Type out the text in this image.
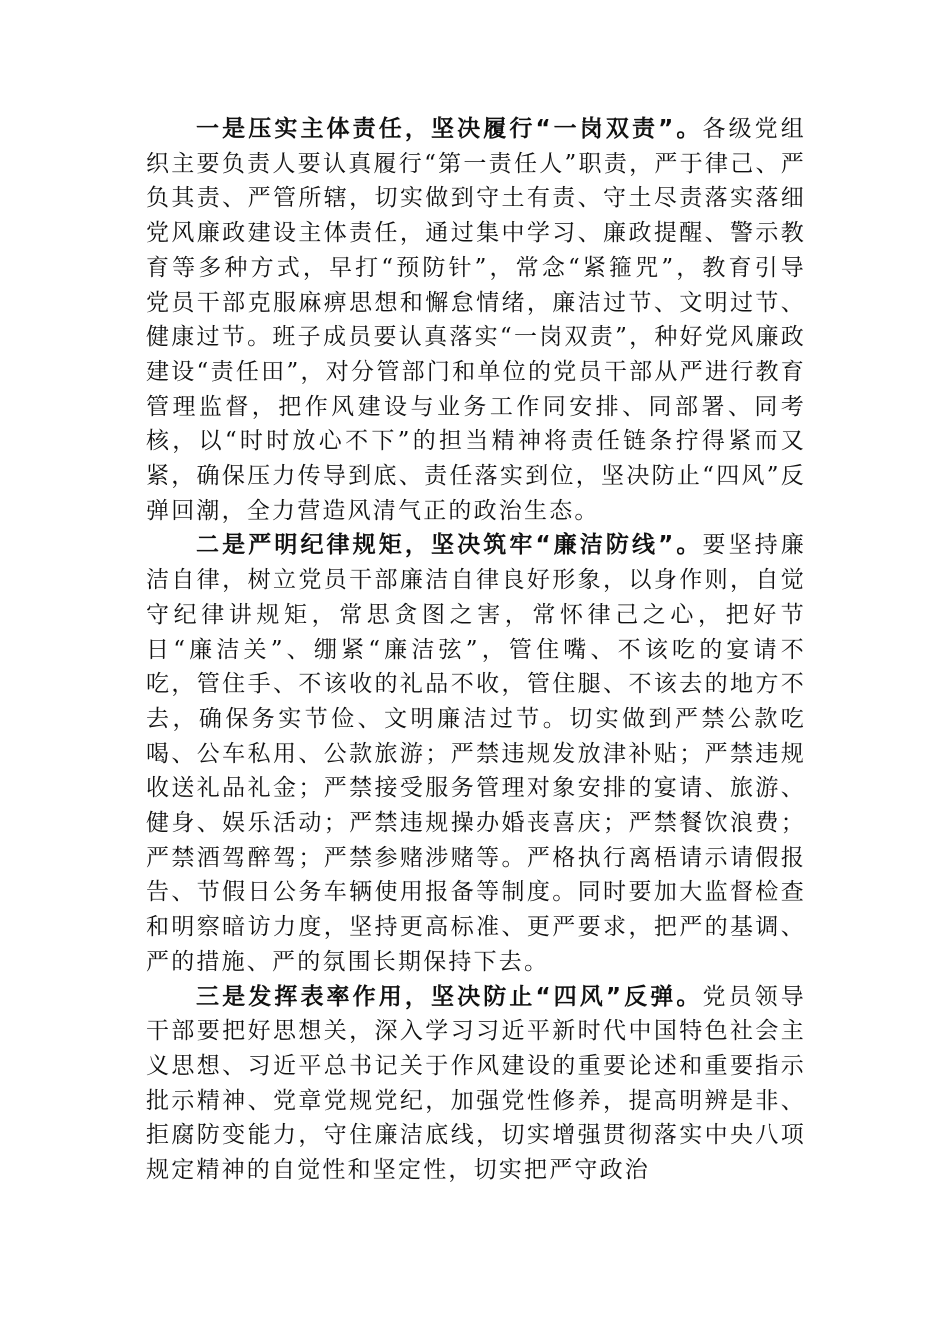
一是压实主体责任，坚决履行“一岗双责”。各级党组织主要负责人要认真履行“第一责任人”职责，严于律己、严负其责、严管所辖，切实做到守土有责、守土尽责落实落细党风廉政建设主体责任，通过集中学习、廉政提醒、警示教育等多种方式，早打“预防针”，常念“紧箍咒”，教育引导党员干部克服麻痹思想和懈怠情绪，廉洁过节、文明过节、健康过节。班子成员要认真落实“一岗双责”，种好党风廉政建设“责任田”，对分管部门和单位的党员干部从严进行教育管理监督，把作风建设与业务工作同安排、同部署、同考核，以“时时放心不下”的担当精神将责任链条拧得紧而又紧，确保压力传导到底、责任落实到位，坚决防止“四风”反弹回潮，全力营造风清气正的政治生态。

二是严明纪律规矩，坚决筑牢“廉洁防线”。要坚持廉洁自律，树立党员干部廉洁自律良好形象，以身作则，自觉守纪律讲规矩，常思贪图之害，常怀律己之心，把好节日“廉洁关”、绷紧“廉洁弦”，管住嘴、不该吃的宴请不吃，管住手、不该收的礼品不收，管住腿、不该去的地方不去，确保务实节俭、文明廉洁过节。切实做到严禁公款吃喝、公车私用、公款旅游；严禁违规发放津补贴；严禁违规收送礼品礼金；严禁接受服务管理对象安排的宴请、旅游、健身、娱乐活动；严禁违规操办婚丧喜庆；严禁餐饮浪费；严禁酒驾醉驾；严禁参赌涉赌等。严格执行离梧请示请假报告、节假日公务车辆使用报备等制度。同时要加大监督检查和明察暗访力度，坚持更高标准、更严要求，把严的基调、严的措施、严的氛围长期保持下去。

三是发挥表率作用，坚决防止“四风”反弹。党员领导干部要把好思想关，深入学习习近平新时代中国特色社会主义思想、习近平总书记关于作风建设的重要论述和重要指示批示精神、党章党规党纪，加强党性修养，提高明辨是非、拒腐防变能力，守住廉洁底线，切实增强贯彻落实中央八项规定精神的自觉性和坚定性，切实把严守政治
